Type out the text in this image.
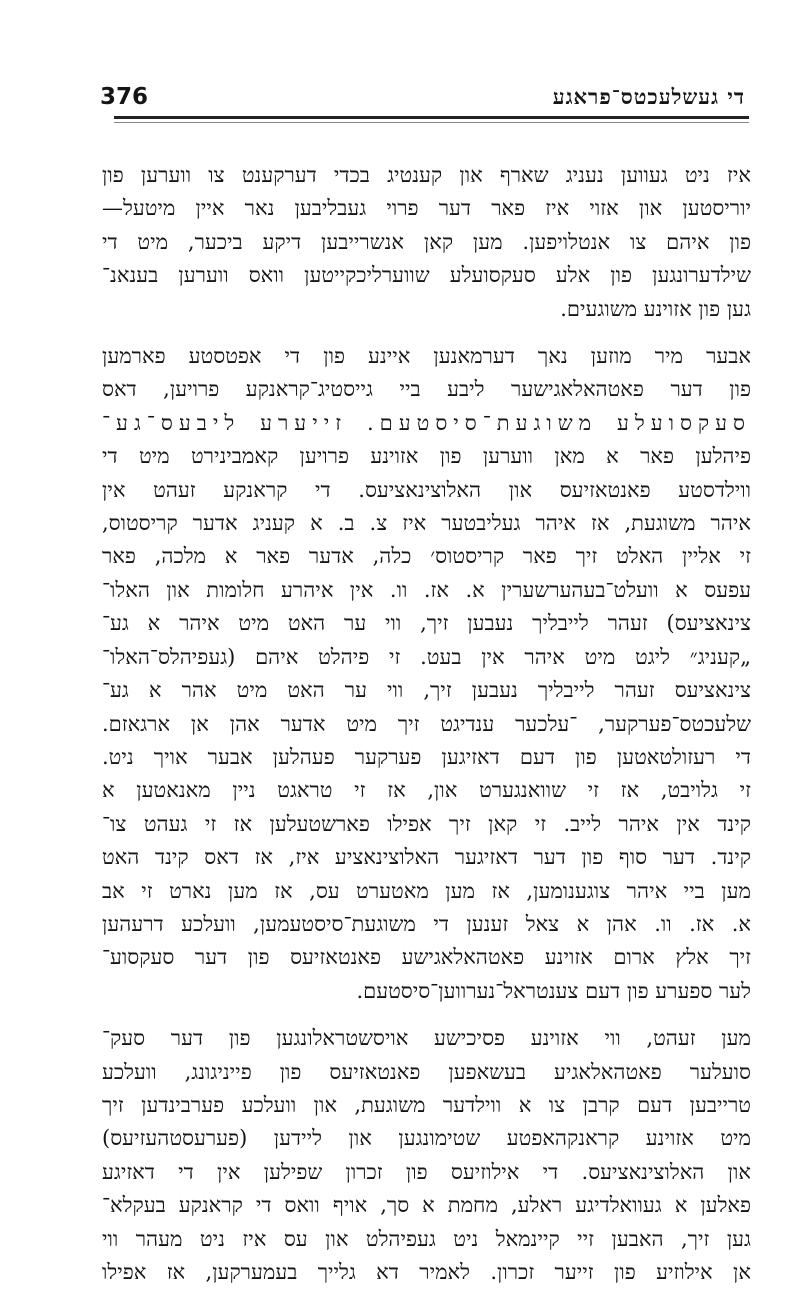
די געשלעכטס־פראגע
376
איז ניט געווען נעניג שארף און קענטיג בכדי דערקענט צו ווערען פון
יוריסטען און אזוי איז פאר דער פרוי געבליבען נאר איין מיטעל—
פון איהם צו אנטלויפען. מען קאן אנשרייבען דיקע ביכער, מיט די
שילדערונגען פון אלע סעקסועלע שווערליכקייטען וואס ווערען בענאנ־
גען פון אזוינע משוגעים.
אבער מיר מוזען נאך דערמאנען איינע פון די אפטסטע פארמען
פון דער פאטהאלאגישער ליבע ביי גייסטיג־קראנקע פרויען, דאס
סעקסועלע משוגעת־סיסטעם. זייערע ליבעס־גע־
פיהלען פאר א מאן ווערען פון אזוינע פרויען קאמבינירט מיט די
ווילדסטע פאנטאזיעס און האלוצינאציעס. די קראנקע זעהט אין
איהר משוגעת, אז איהר געליבטער איז צ. ב. א קעניג אדער קריסטוס,
זי אליין האלט זיך פאר קריסטוס׳ כלה, אדער פאר א מלכה, פאר
עפעס א וועלט־בעהערשערין א. אז. וו. אין איהרע חלומות און האלו־
צינאציעס) זעהר לייבליך נעבען זיך, ווי ער האט מיט איהר א גע־
„קעניג״ ליגט מיט איהר אין בעט. זי פיהלט איהם (געפיהלס־האלו־
צינאציעס זעהר לייבליך נעבען זיך, ווי ער האט מיט אהר א גע־
שלעכטס־פערקער, ־עלכער ענדיגט זיך מיט אדער אהן אן ארגאזם.
די רעזולטאטען פון דעם דאזיגען פערקער פעהלען אבער אויך ניט.
זי גלויבט, אז זי שוואנגערט און, אז זי טראגט ניין מאנאטען א
קינד אין איהר לייב. זי קאן זיך אפילו פארשטעלען אז זי געהט צו־
קינד. דער סוף פון דער דאזיגער האלוצינאציע איז, אז דאס קינד האט
מען ביי איהר צוגענומען, אז מען מאטערט עס, אז מען נארט זי אב
א. אז. וו. אהן א צאל זענען די משוגעת־סיסטעמען, וועלכע דרעהען
זיך אלץ ארום אזוינע פאטהאלאגישע פאנטאזיעס פון דער סעקסוע־
לער ספערע פון דעם צענטראל־נערווען־סיסטעם.
מען זעהט, ווי אזוינע פסיכישע אויסשטראלונגען פון דער סעק־
סועלער פאטהאלאגיע בעשאפען פאנטאזיעס פון פייניגונג, וועלכע
טרייבען דעם קרבן צו א ווילדער משוגעת, און וועלכע פערבינדען זיך
מיט אזוינע קראנקהאפטע שטימונגען און ליידען (פערעסטהעזיעס)
און האלוצינאציעס. די אילוזיעס פון זכרון שפילען אין די דאזיגע
פאלען א געוואלדיגע ראלע, מחמת א סך, אויף וואס די קראנקע בעקלא־
גען זיך, האבען זיי קיינמאל ניט געפיהלט און עס איז ניט מעהר ווי
אן אילוזיע פון זייער זכרון. לאמיר דא גלייך בעמערקען, אז אפילו
